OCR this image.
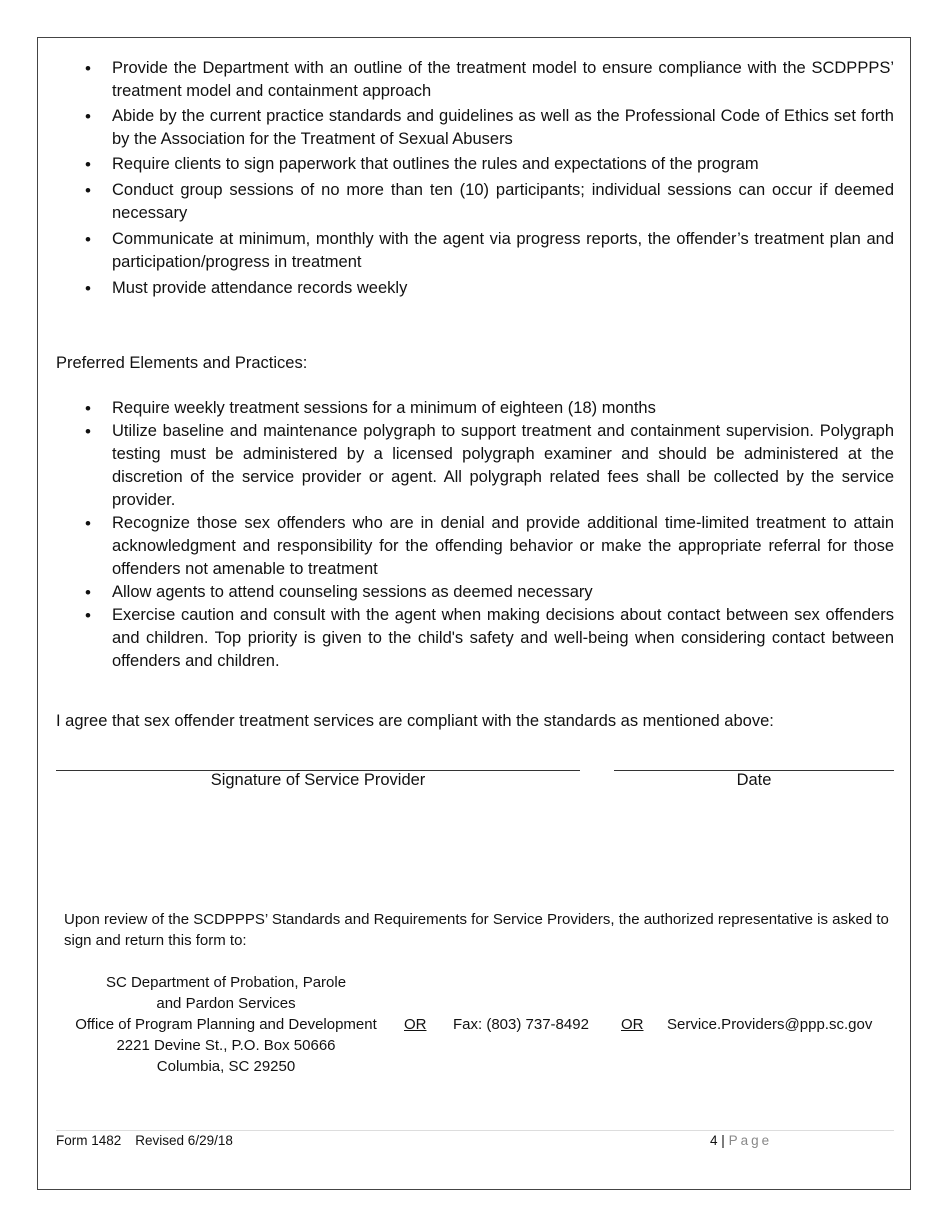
• Provide the Department with an outline of the treatment model to ensure compliance with the SCDPPPS’ treatment model and containment approach
• Abide by the current practice standards and guidelines as well as the Professional Code of Ethics set forth by the Association for the Treatment of Sexual Abusers
• Require clients to sign paperwork that outlines the rules and expectations of the program
• Conduct group sessions of no more than ten (10) participants; individual sessions can occur if deemed necessary
• Communicate at minimum, monthly with the agent via progress reports, the offender’s treatment plan and participation/progress in treatment
• Must provide attendance records weekly
Preferred Elements and Practices:
• Require weekly treatment sessions for a minimum of eighteen (18) months
• Utilize baseline and maintenance polygraph to support treatment and containment supervision. Polygraph testing must be administered by a licensed polygraph examiner and should be administered at the discretion of the service provider or agent. All polygraph related fees shall be collected by the service provider.
• Recognize those sex offenders who are in denial and provide additional time-limited treatment to attain acknowledgment and responsibility for the offending behavior or make the appropriate referral for those offenders not amenable to treatment
• Allow agents to attend counseling sessions as deemed necessary
• Exercise caution and consult with the agent when making decisions about contact between sex offenders and children. Top priority is given to the child's safety and well-being when considering contact between offenders and children.
I agree that sex offender treatment services are compliant with the standards as mentioned above:
Signature of Service Provider	Date
Upon review of the SCDPPPS’ Standards and Requirements for Service Providers, the authorized representative is asked to sign and return this form to:
SC Department of Probation, Parole
and Pardon Services
Office of Program Planning and Development
2221 Devine St., P.O. Box 50666
Columbia, SC 29250
OR Fax: (803) 737-8492 OR Service.Providers@ppp.sc.gov
Form 1482 Revised 6/29/18	4 | Page
